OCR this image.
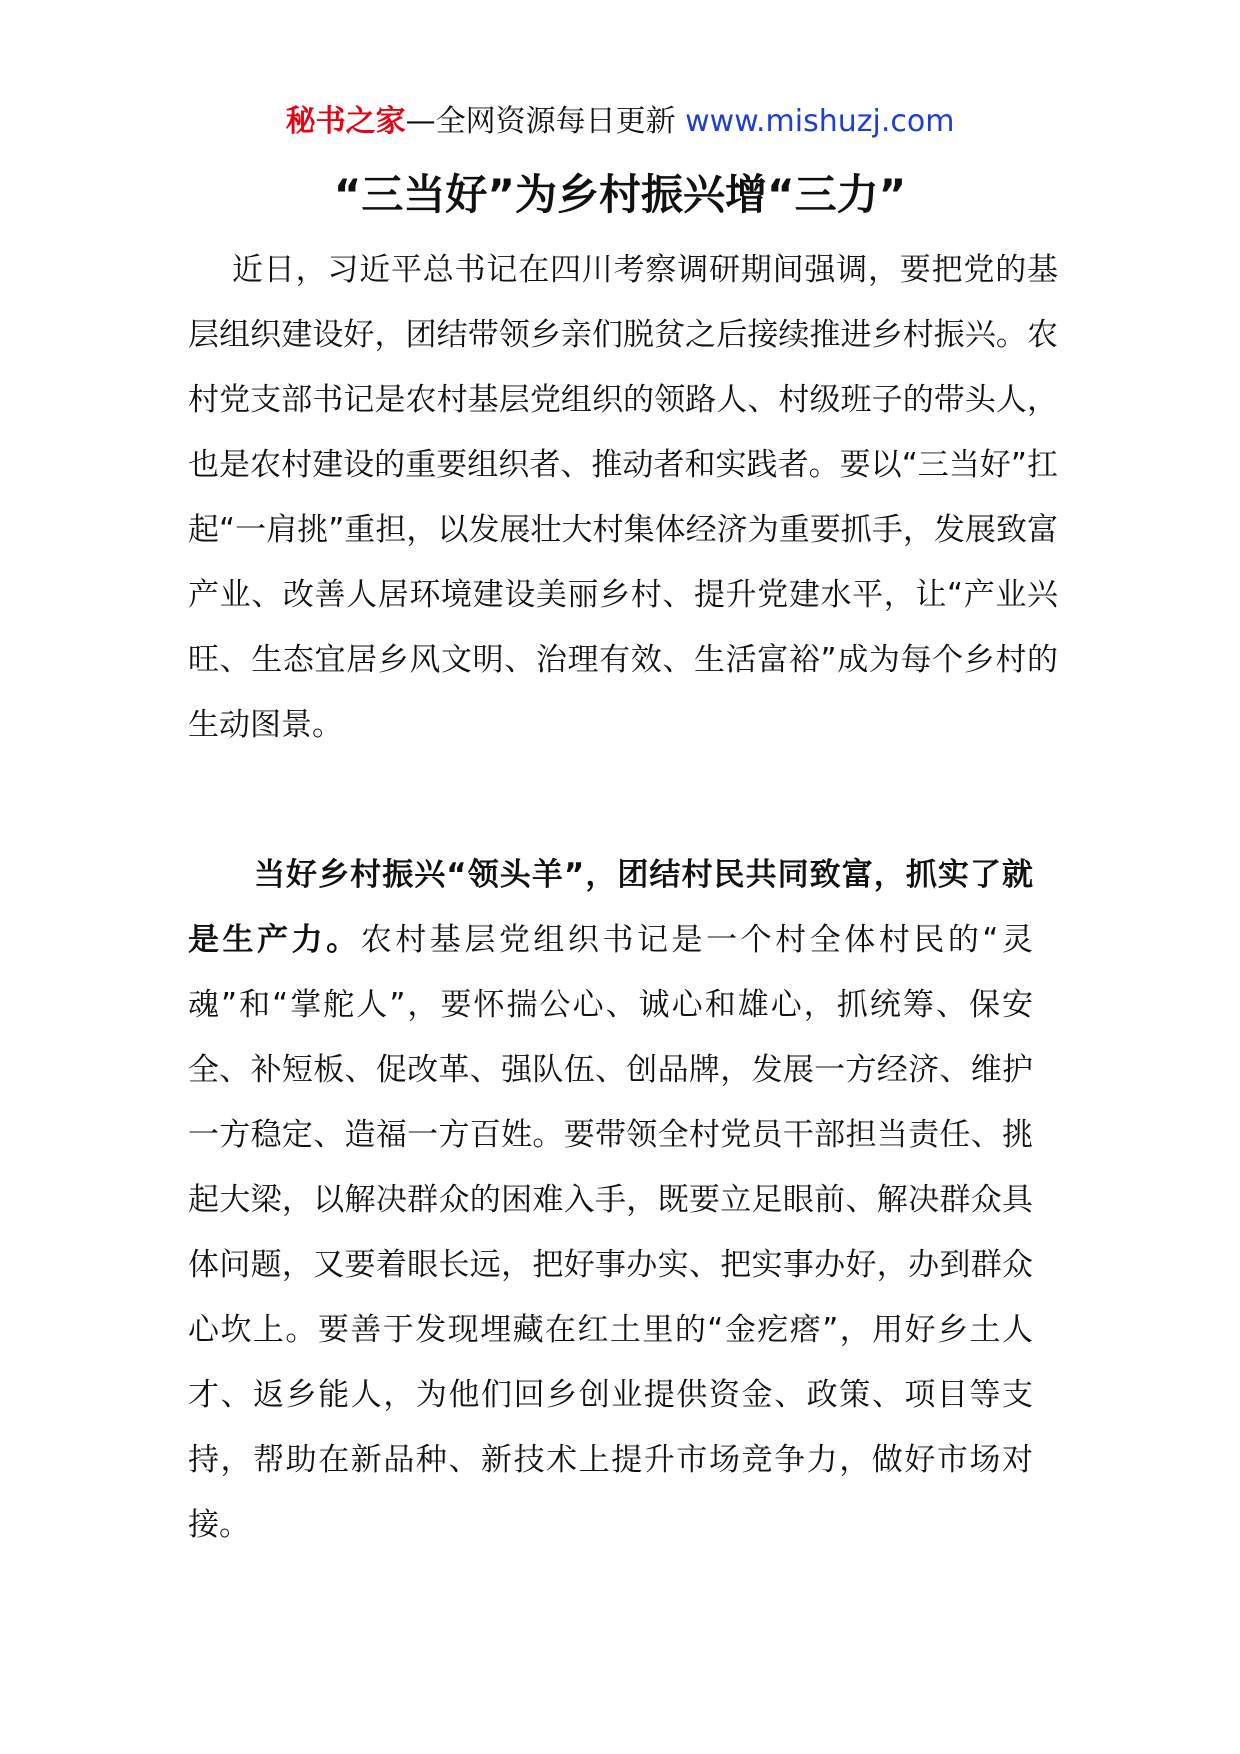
秘书之家—全网资源每日更新 www.mishuzj.com
“三当好”为乡村振兴增“三力”

近日，习近平总书记在四川考察调研期间强调，要把党的基层组织建设好，团结带领乡亲们脱贫之后接续推进乡村振兴。农村党支部书记是农村基层党组织的领路人、村级班子的带头人，也是农村建设的重要组织者、推动者和实践者。要以“三当好”扛起“一肩挑”重担，以发展壮大村集体经济为重要抓手，发展致富产业、改善人居环境建设美丽乡村、提升党建水平，让“产业兴旺、生态宜居乡风文明、治理有效、生活富裕”成为每个乡村的生动图景。

当好乡村振兴“领头羊”，团结村民共同致富，抓实了就是生产力。农村基层党组织书记是一个村全体村民的“灵魂”和“掌舵人”，要怀揣公心、诚心和雄心，抓统筹、保安全、补短板、促改革、强队伍、创品牌，发展一方经济、维护一方稳定、造福一方百姓。要带领全村党员干部担当责任、挑起大梁，以解决群众的困难入手，既要立足眼前、解决群众具体问题，又要着眼长远，把好事办实、把实事办好，办到群众心坎上。要善于发现埋藏在红土里的“金疙瘩”，用好乡土人才、返乡能人，为他们回乡创业提供资金、政策、项目等支持，帮助在新品种、新技术上提升市场竞争力，做好市场对接。
